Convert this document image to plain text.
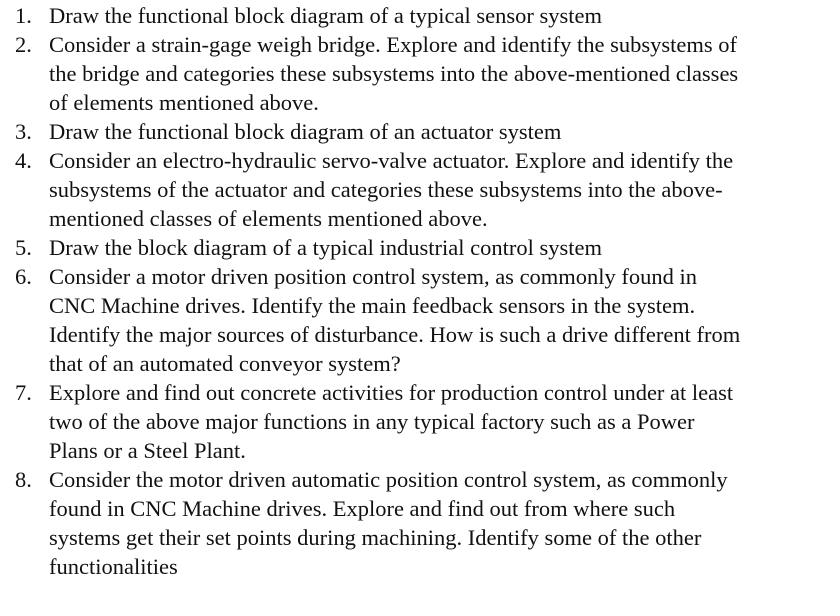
1. Draw the functional block diagram of a typical sensor system
2. Consider a strain-gage weigh bridge. Explore and identify the subsystems of
the bridge and categories these subsystems into the above-mentioned classes
of elements mentioned above.
3. Draw the functional block diagram of an actuator system
4. Consider an electro-hydraulic servo-valve actuator. Explore and identify the
subsystems of the actuator and categories these subsystems into the above-
mentioned classes of elements mentioned above.
5. Draw the block diagram of a typical industrial control system
6. Consider a motor driven position control system, as commonly found in
CNC Machine drives. Identify the main feedback sensors in the system.
Identify the major sources of disturbance. How is such a drive different from
that of an automated conveyor system?
7. Explore and find out concrete activities for production control under at least
two of the above major functions in any typical factory such as a Power
Plans or a Steel Plant.
8. Consider the motor driven automatic position control system, as commonly
found in CNC Machine drives. Explore and find out from where such
systems get their set points during machining. Identify some of the other
functionalities
